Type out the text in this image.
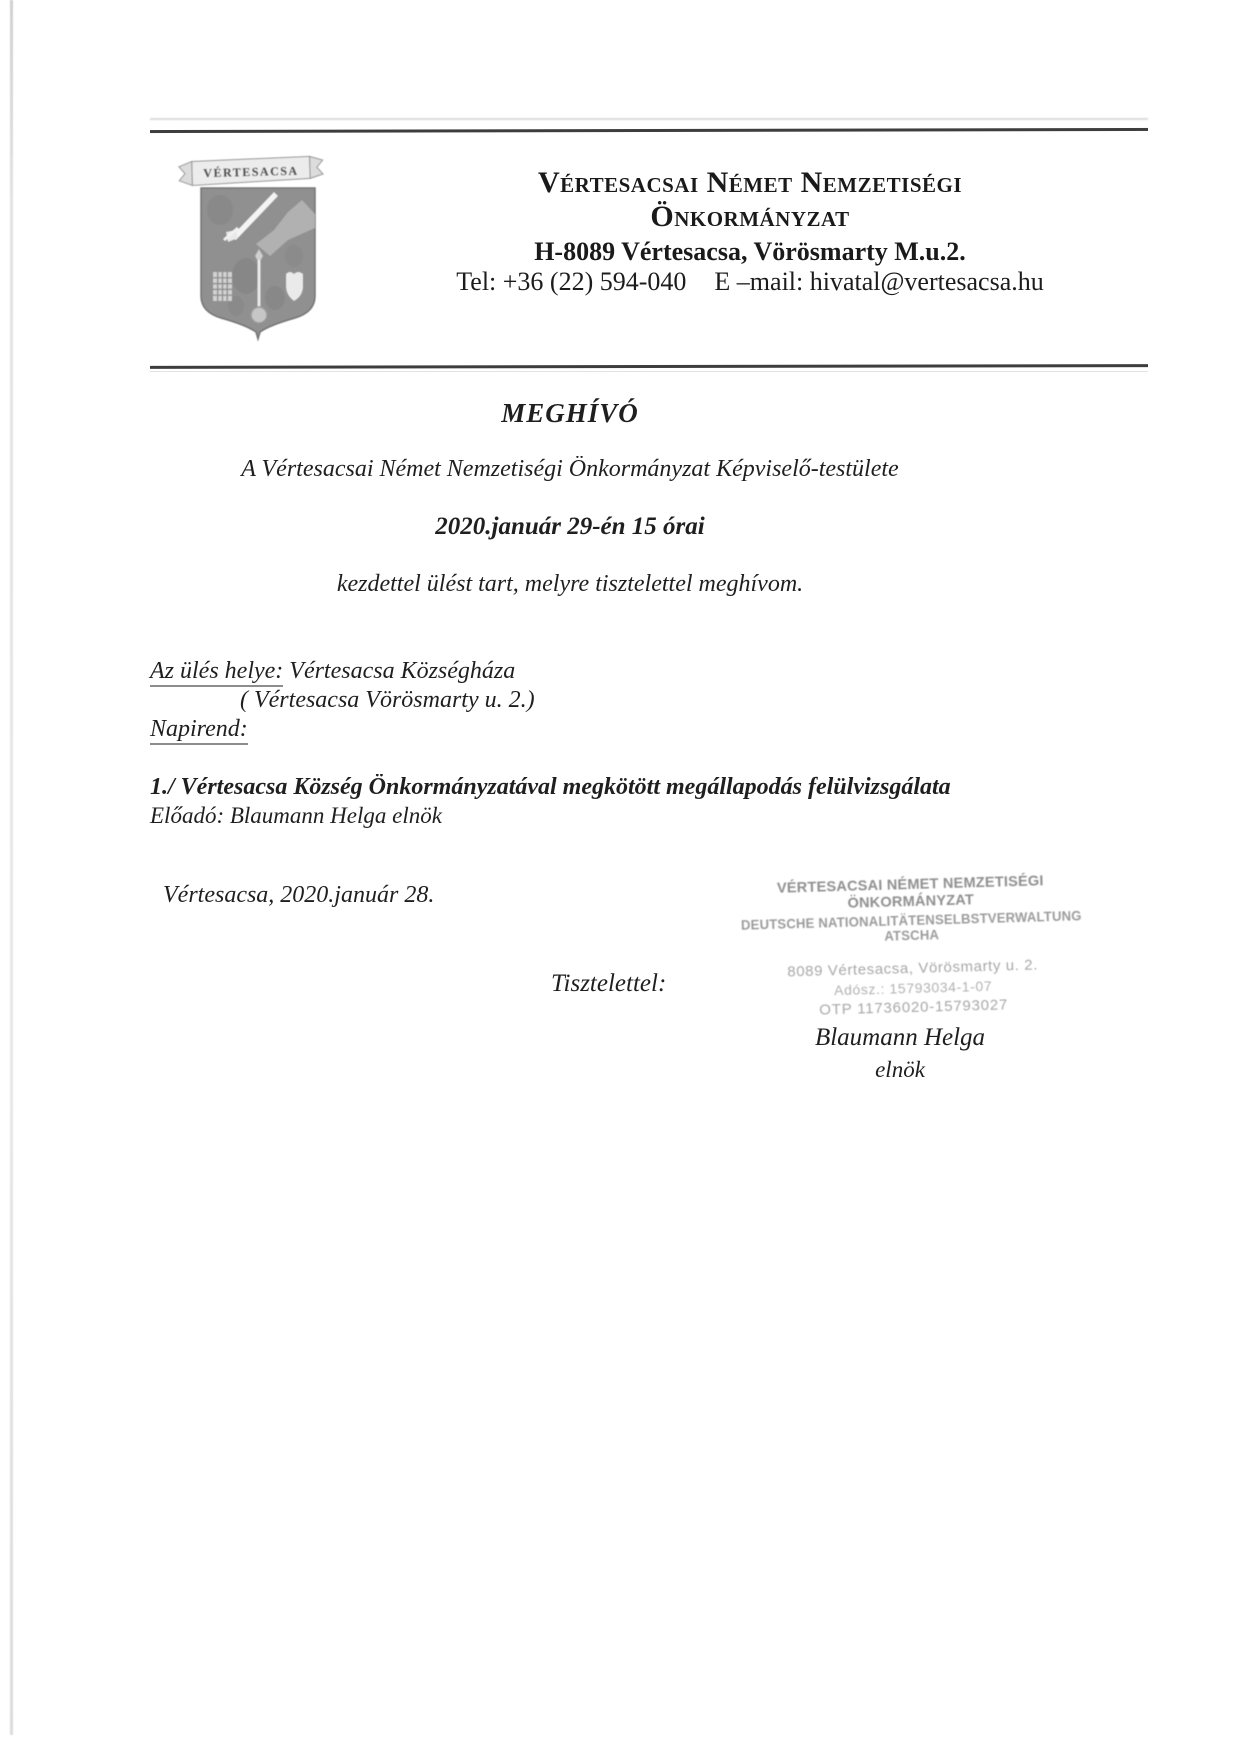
VÉRTESACSA	Vértesacsai Német Nemzetiségi
Önkormányzat
H-8089 Vértesacsa, Vörösmarty M.u.2.
Tel: +36 (22) 594-040 E –mail: hivatal@vertesacsa.hu
MEGHÍVÓ
A Vértesacsai Német Nemzetiségi Önkormányzat Képviselő-testülete
2020.január 29-én 15 órai
kezdettel ülést tart, melyre tisztelettel meghívom.
Az ülés helye: Vértesacsa Községháza
( Vértesacsa Vörösmarty u. 2.)
Napirend:
1./ Vértesacsa Község Önkormányzatával megkötött megállapodás felülvizsgálata
Előadó: Blaumann Helga elnök
Vértesacsa, 2020.január 28.
Tisztelettel:
VÉRTESACSAI NÉMET NEMZETISÉGI ÖNKORMÁNYZAT
DEUTSCHE NATIONALITÄTENSELBSTVERWALTUNG ATSCHA
8089 Vértesacsa, Vörösmarty u. 2.
Adósz.: 15793034-1-07
OTP 11736020-15793027
Blaumann Helga
elnök
